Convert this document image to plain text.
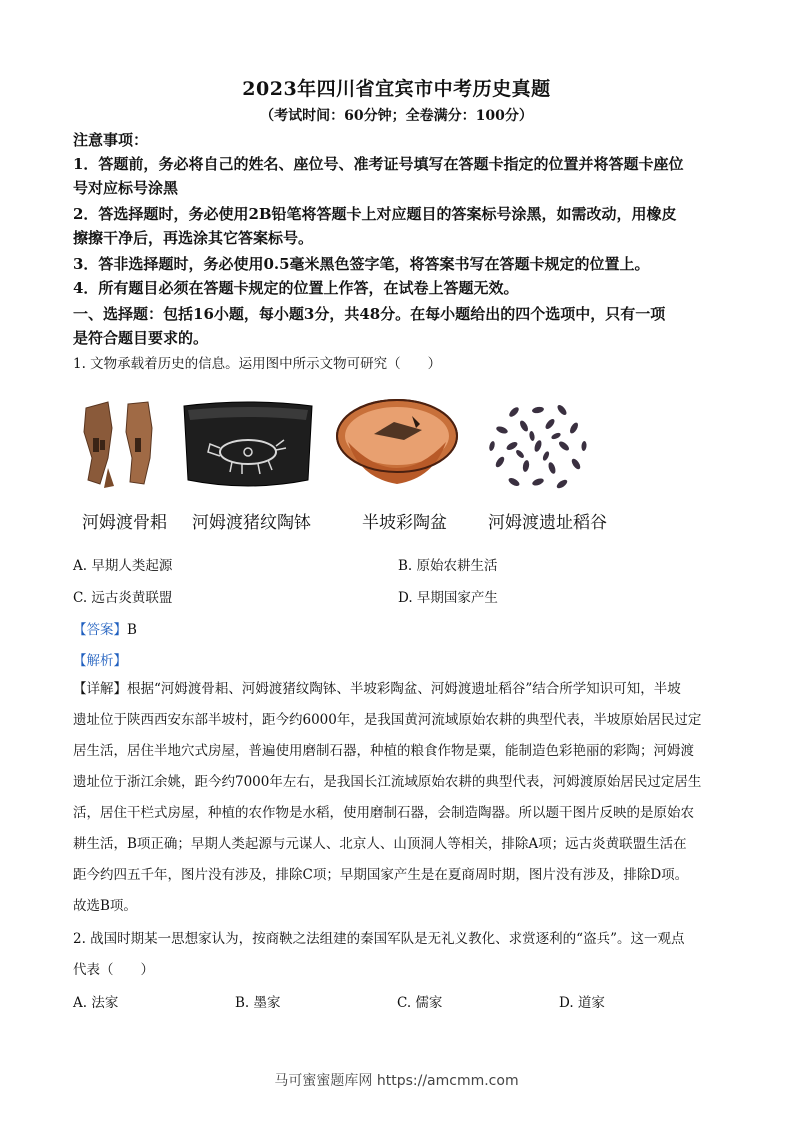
2023年四川省宜宾市中考历史真题
（考试时间：60分钟；全卷满分：100分）
注意事项：
1．答题前，务必将自己的姓名、座位号、准考证号填写在答题卡指定的位置并将答题卡座位
号对应标号涂黑
2．答选择题时，务必使用2B铅笔将答题卡上对应题目的答案标号涂黑，如需改动，用橡皮
擦擦干净后，再选涂其它答案标号。
3．答非选择题时，务必使用0.5毫米黑色签字笔，将答案书写在答题卡规定的位置上。
4．所有题目必须在答题卡规定的位置上作答，在试卷上答题无效。
一、选择题：包括16小题，每小题3分，共48分。在每小题给出的四个选项中，只有一项
是符合题目要求的。
1. 文物承载着历史的信息。运用图中所示文物可研究（　　）
河姆渡骨耜 河姆渡猪纹陶钵	半坡彩陶盆 河姆渡遗址稻谷
A. 早期人类起源	B. 原始农耕生活
C. 远古炎黄联盟	D. 早期国家产生
【答案】B
【解析】
【详解】根据“河姆渡骨耜、河姆渡猪纹陶钵、半坡彩陶盆、河姆渡遗址稻谷”结合所学知识可知，半坡
遗址位于陕西西安东部半坡村，距今约6000年，是我国黄河流域原始农耕的典型代表，半坡原始居民过定
居生活，居住半地穴式房屋，普遍使用磨制石器，种植的粮食作物是粟，能制造色彩艳丽的彩陶；河姆渡
遗址位于浙江余姚，距今约7000年左右，是我国长江流域原始农耕的典型代表，河姆渡原始居民过定居生
活，居住干栏式房屋，种植的农作物是水稻，使用磨制石器，会制造陶器。所以题干图片反映的是原始农
耕生活，B项正确；早期人类起源与元谋人、北京人、山顶洞人等相关，排除A项；远古炎黄联盟生活在
距今约四五千年，图片没有涉及，排除C项；早期国家产生是在夏商周时期，图片没有涉及，排除D项。
故选B项。
2. 战国时期某一思想家认为，按商鞅之法组建的秦国军队是无礼义教化、求赏逐利的“盗兵”。这一观点
代表（　　）
A. 法家	B. 墨家	C. 儒家	D. 道家
马可蜜蜜题库网 https://amcmm.com
